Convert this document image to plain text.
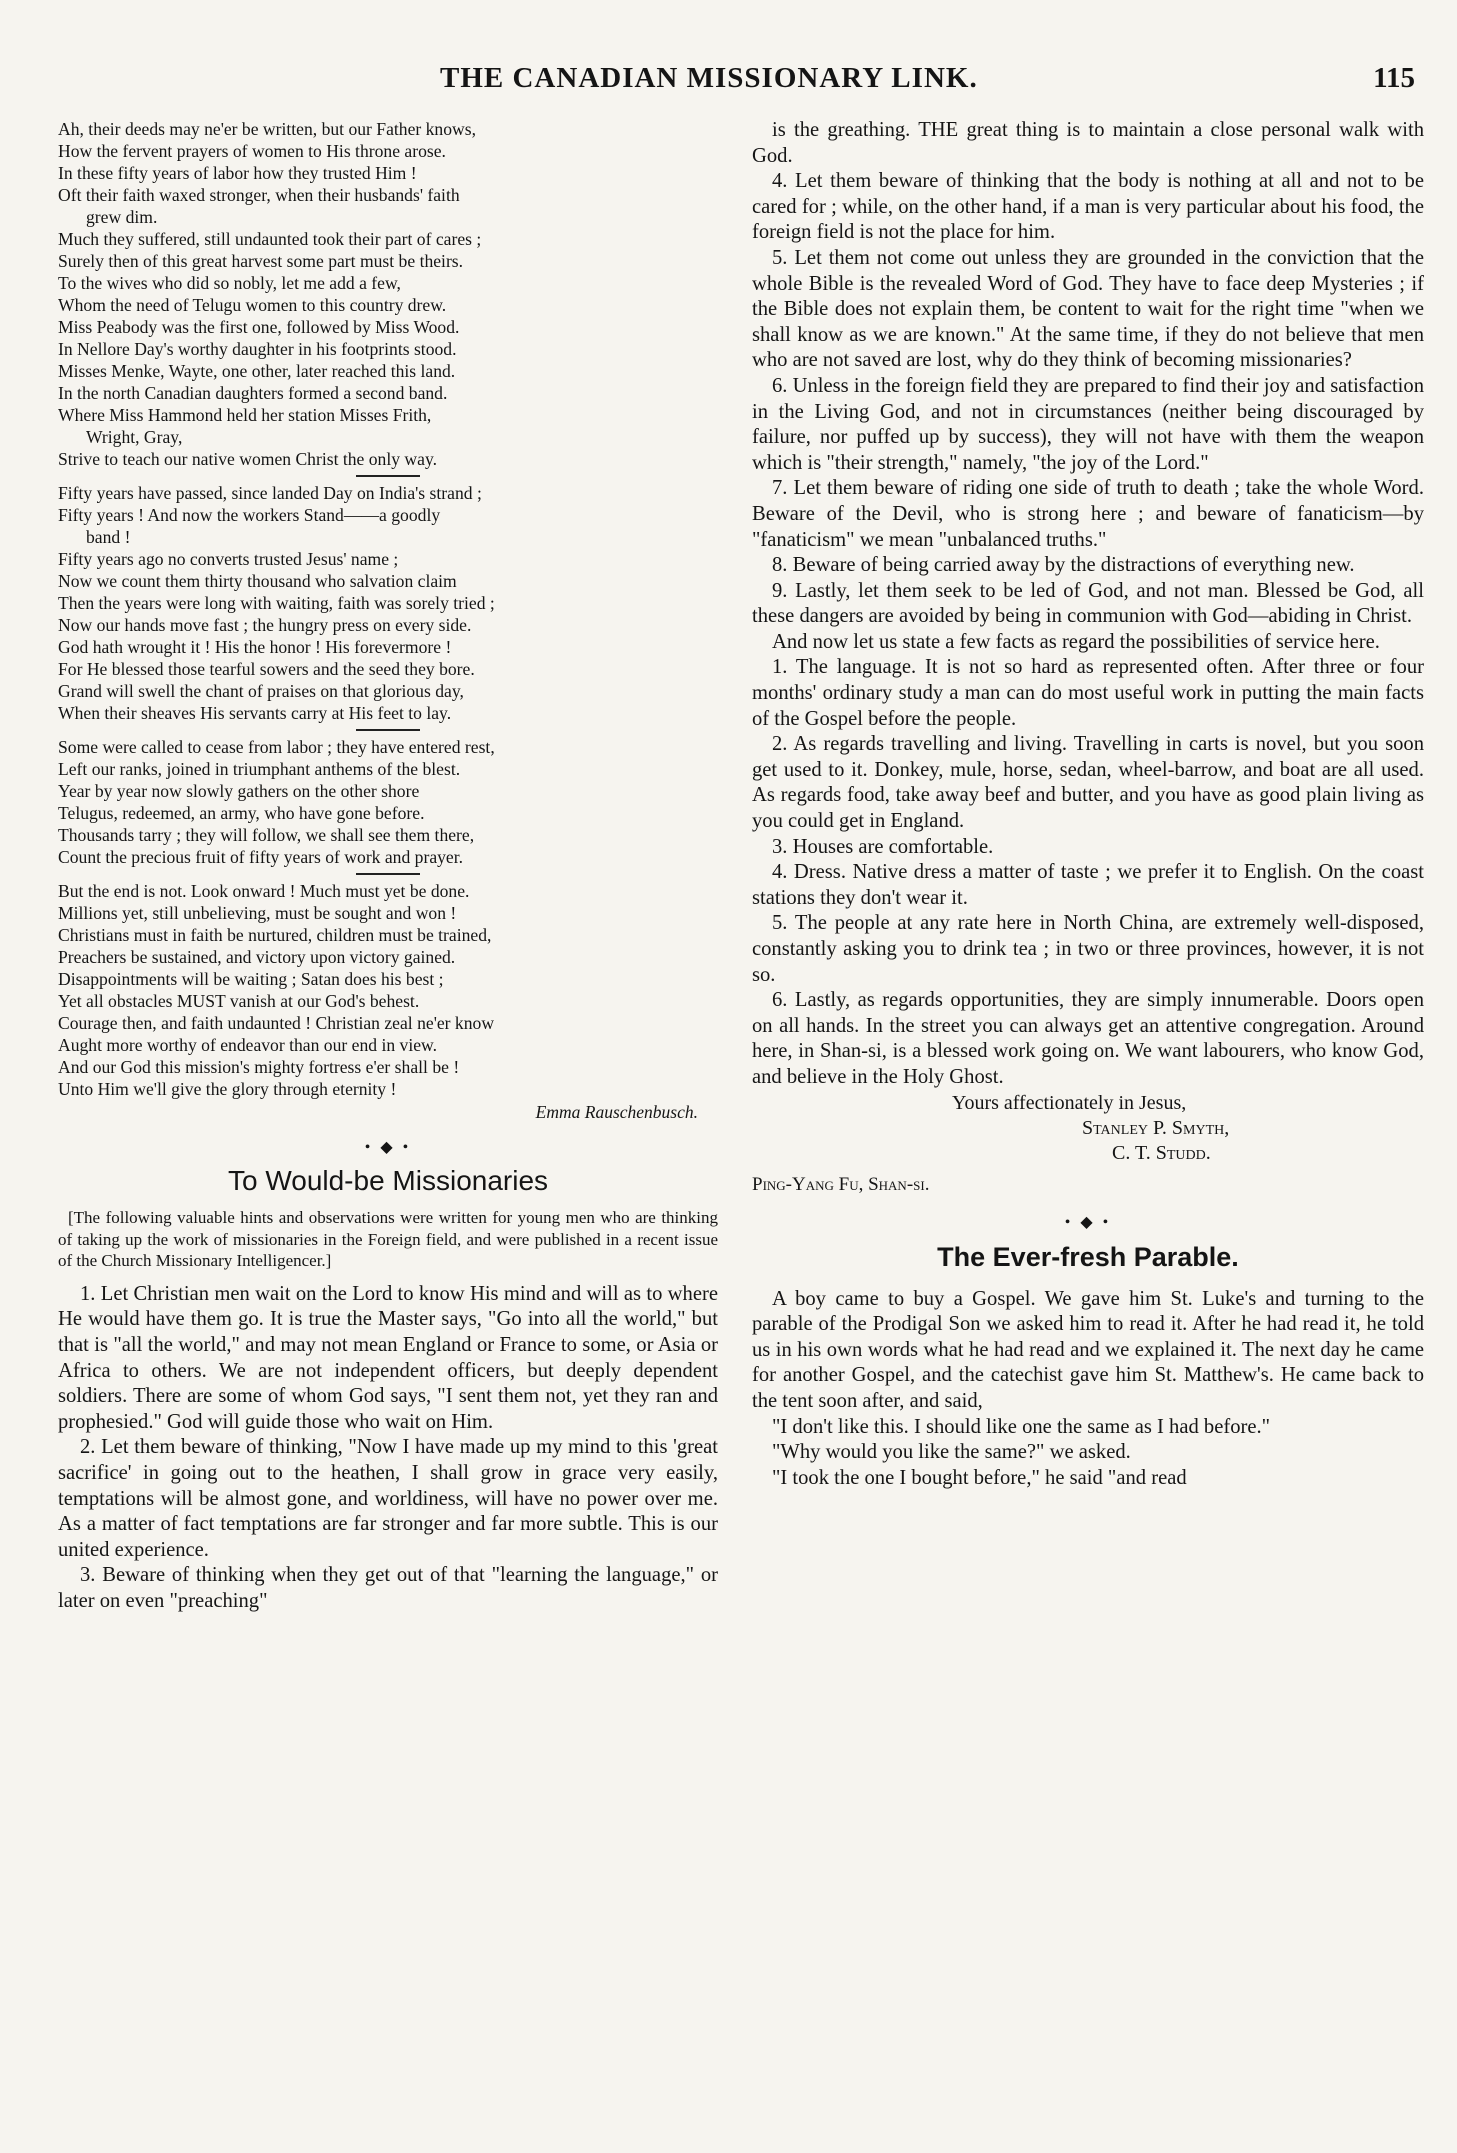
THE CANADIAN MISSIONARY LINK.	115
Ah, their deeds may ne'er be written, but our Father knows,
How the fervent prayers of women to His throne arose.
In these fifty years of labor how they trusted Him !
Oft their faith waxed stronger, when their husbands' faith
grew dim.
Much they suffered, still undaunted took their part of cares ;
Surely then of this great harvest some part must be theirs.
To the wives who did so nobly, let me add a few,
Whom the need of Telugu women to this country drew.
Miss Peabody was the first one, followed by Miss Wood.
In Nellore Day's worthy daughter in his footprints stood.
Misses Menke, Wayte, one other, later reached this land.
In the north Canadian daughters formed a second band.
Where Miss Hammond held her station Misses Frith,
Wright, Gray,
Strive to teach our native women Christ the only way.
Fifty years have passed, since landed Day on India's strand ;
Fifty years ! And now the workers Stand——a goodly
band !
Fifty years ago no converts trusted Jesus' name ;
Now we count them thirty thousand who salvation claim
Then the years were long with waiting, faith was sorely tried ;
Now our hands move fast ; the hungry press on every side.
God hath wrought it ! His the honor ! His forevermore !
For He blessed those tearful sowers and the seed they bore.
Grand will swell the chant of praises on that glorious day,
When their sheaves His servants carry at His feet to lay.
Some were called to cease from labor ; they have entered rest,
Left our ranks, joined in triumphant anthems of the blest.
Year by year now slowly gathers on the other shore
Telugus, redeemed, an army, who have gone before.
Thousands tarry ; they will follow, we shall see them there,
Count the precious fruit of fifty years of work and prayer.
But the end is not. Look onward ! Much must yet be done.
Millions yet, still unbelieving, must be sought and won !
Christians must in faith be nurtured, children must be trained,
Preachers be sustained, and victory upon victory gained.
Disappointments will be waiting ; Satan does his best ;
Yet all obstacles MUST vanish at our God's behest.
Courage then, and faith undaunted ! Christian zeal ne'er know
Aught more worthy of endeavor than our end in view.
And our God this mission's mighty fortress e'er shall be !
Unto Him we'll give the glory through eternity !
Emma Rauschenbusch.
• ◆ •
To Would-be Missionaries

[The following valuable hints and observations were written for young men who are thinking of taking up the work of missionaries in the Foreign field, and were published in a recent issue of the Church Missionary Intelligencer.]

1. Let Christian men wait on the Lord to know His mind and will as to where He would have them go. It is true the Master says, "Go into all the world," but that is "all the world," and may not mean England or France to some, or Asia or Africa to others. We are not independent officers, but deeply dependent soldiers. There are some of whom God says, "I sent them not, yet they ran and prophesied." God will guide those who wait on Him.

2. Let them beware of thinking, "Now I have made up my mind to this 'great sacrifice' in going out to the heathen, I shall grow in grace very easily, temptations will be almost gone, and worldiness, will have no power over me. As a matter of fact temptations are far stronger and far more subtle. This is our united experience.

3. Beware of thinking when they get out of that "learning the language," or later on even "preaching"

is the greathing. THE great thing is to maintain a close personal walk with God.

4. Let them beware of thinking that the body is nothing at all and not to be cared for ; while, on the other hand, if a man is very particular about his food, the foreign field is not the place for him.

5. Let them not come out unless they are grounded in the conviction that the whole Bible is the revealed Word of God. They have to face deep Mysteries ; if the Bible does not explain them, be content to wait for the right time "when we shall know as we are known." At the same time, if they do not believe that men who are not saved are lost, why do they think of becoming missionaries?

6. Unless in the foreign field they are prepared to find their joy and satisfaction in the Living God, and not in circumstances (neither being discouraged by failure, nor puffed up by success), they will not have with them the weapon which is "their strength," namely, "the joy of the Lord."

7. Let them beware of riding one side of truth to death ; take the whole Word. Beware of the Devil, who is strong here ; and beware of fanaticism—by "fanaticism" we mean "unbalanced truths."

8. Beware of being carried away by the distractions of everything new.

9. Lastly, let them seek to be led of God, and not man. Blessed be God, all these dangers are avoided by being in communion with God—abiding in Christ.

And now let us state a few facts as regard the possibilities of service here.

1. The language. It is not so hard as represented often. After three or four months' ordinary study a man can do most useful work in putting the main facts of the Gospel before the people.

2. As regards travelling and living. Travelling in carts is novel, but you soon get used to it. Donkey, mule, horse, sedan, wheel-barrow, and boat are all used. As regards food, take away beef and butter, and you have as good plain living as you could get in England.

3. Houses are comfortable.

4. Dress. Native dress a matter of taste ; we prefer it to English. On the coast stations they don't wear it.

5. The people at any rate here in North China, are extremely well-disposed, constantly asking you to drink tea ; in two or three provinces, however, it is not so.

6. Lastly, as regards opportunities, they are simply innumerable. Doors open on all hands. In the street you can always get an attentive congregation. Around here, in Shan-si, is a blessed work going on. We want labourers, who know God, and believe in the Holy Ghost.

Yours affectionately in Jesus,
Stanley P. Smyth,
C. T. Studd.
Ping-Yang Fu, Shan-si.
• ◆ •
The Ever-fresh Parable.

A boy came to buy a Gospel. We gave him St. Luke's and turning to the parable of the Prodigal Son we asked him to read it. After he had read it, he told us in his own words what he had read and we explained it. The next day he came for another Gospel, and the catechist gave him St. Matthew's. He came back to the tent soon after, and said,

"I don't like this. I should like one the same as I had before."

"Why would you like the same?" we asked.

"I took the one I bought before," he said "and read
